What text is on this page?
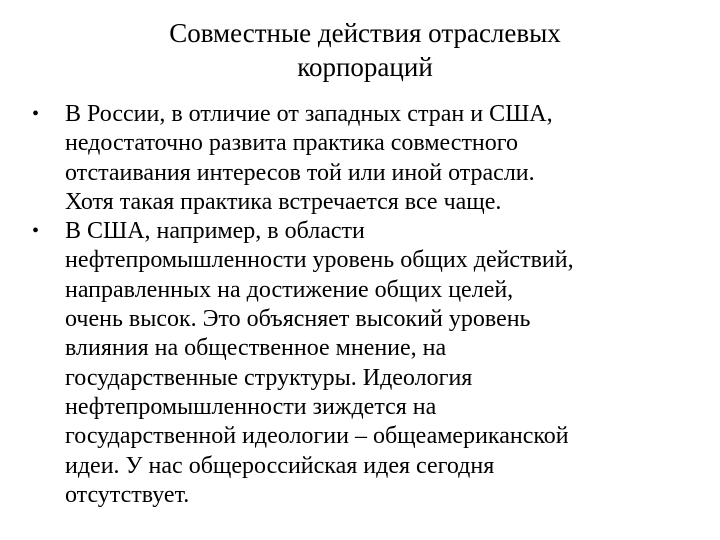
Совместные действия отраслевых
корпораций
• В России, в отличие от западных стран и США,
недостаточно развита практика совместного
отстаивания интересов той или иной отрасли.
Хотя такая практика встречается все чаще.
• В США, например, в области
нефтепромышленности уровень общих действий,
направленных на достижение общих целей,
очень высок. Это объясняет высокий уровень
влияния на общественное мнение, на
государственные структуры. Идеология
нефтепромышленности зиждется на
государственной идеологии – общеамериканской
идеи. У нас общероссийская идея сегодня
отсутствует.
